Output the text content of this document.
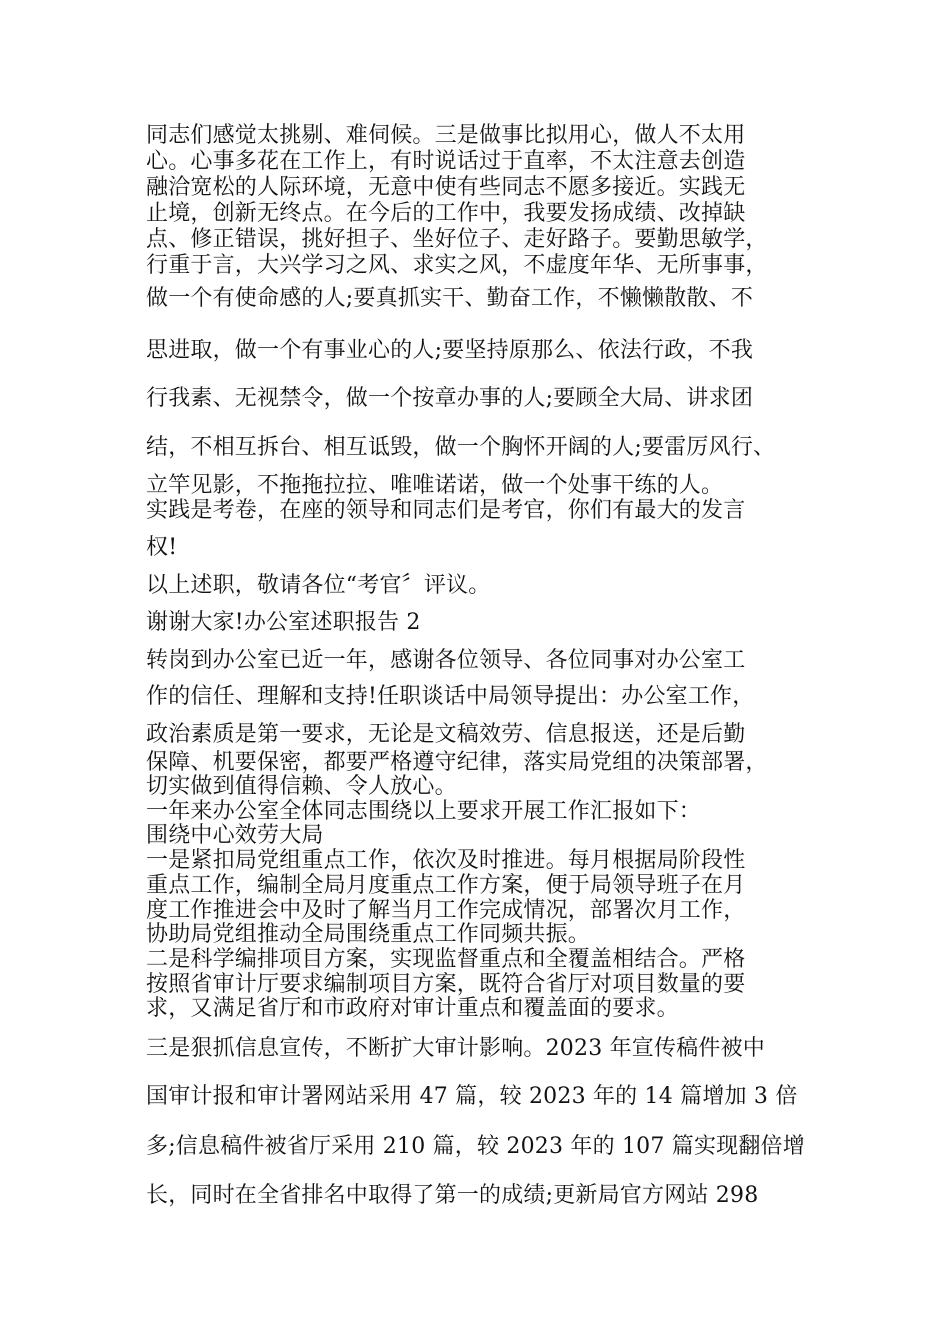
同志们感觉太挑剔、难伺候。三是做事比拟用心，做人不太用

心。心事多花在工作上，有时说话过于直率，不太注意去创造

融洽宽松的人际环境，无意中使有些同志不愿多接近。实践无

止境，创新无终点。在今后的工作中，我要发扬成绩、改掉缺

点、修正错误，挑好担子、坐好位子、走好路子。要勤思敏学，

行重于言，大兴学习之风、求实之风，不虚度年华、无所事事，

做一个有使命感的人;要真抓实干、勤奋工作，不懒懒散散、不

思进取，做一个有事业心的人;要坚持原那么、依法行政，不我

行我素、无视禁令，做一个按章办事的人;要顾全大局、讲求团

结，不相互拆台、相互诋毁，做一个胸怀开阔的人;要雷厉风行、

立竿见影，不拖拖拉拉、唯唯诺诺，做一个处事干练的人。

实践是考卷，在座的领导和同志们是考官，你们有最大的发言

权!

以上述职，敬请各位“考官〞评议。

谢谢大家!办公室述职报告 2

转岗到办公室已近一年，感谢各位领导、各位同事对办公室工

作的信任、理解和支持!任职谈话中局领导提出：办公室工作，

政治素质是第一要求，无论是文稿效劳、信息报送，还是后勤

保障、机要保密，都要严格遵守纪律，落实局党组的决策部署，

切实做到值得信赖、令人放心。

一年来办公室全体同志围绕以上要求开展工作汇报如下：

围绕中心效劳大局

一是紧扣局党组重点工作，依次及时推进。每月根据局阶段性

重点工作，编制全局月度重点工作方案，便于局领导班子在月

度工作推进会中及时了解当月工作完成情况，部署次月工作，

协助局党组推动全局围绕重点工作同频共振。

二是科学编排项目方案，实现监督重点和全覆盖相结合。严格

按照省审计厅要求编制项目方案，既符合省厅对项目数量的要

求，又满足省厅和市政府对审计重点和覆盖面的要求。

三是狠抓信息宣传，不断扩大审计影响。2023 年宣传稿件被中

国审计报和审计署网站采用 47 篇，较 2023 年的 14 篇增加 3 倍

多;信息稿件被省厅采用 210 篇，较 2023 年的 107 篇实现翻倍增

长，同时在全省排名中取得了第一的成绩;更新局官方网站 298
